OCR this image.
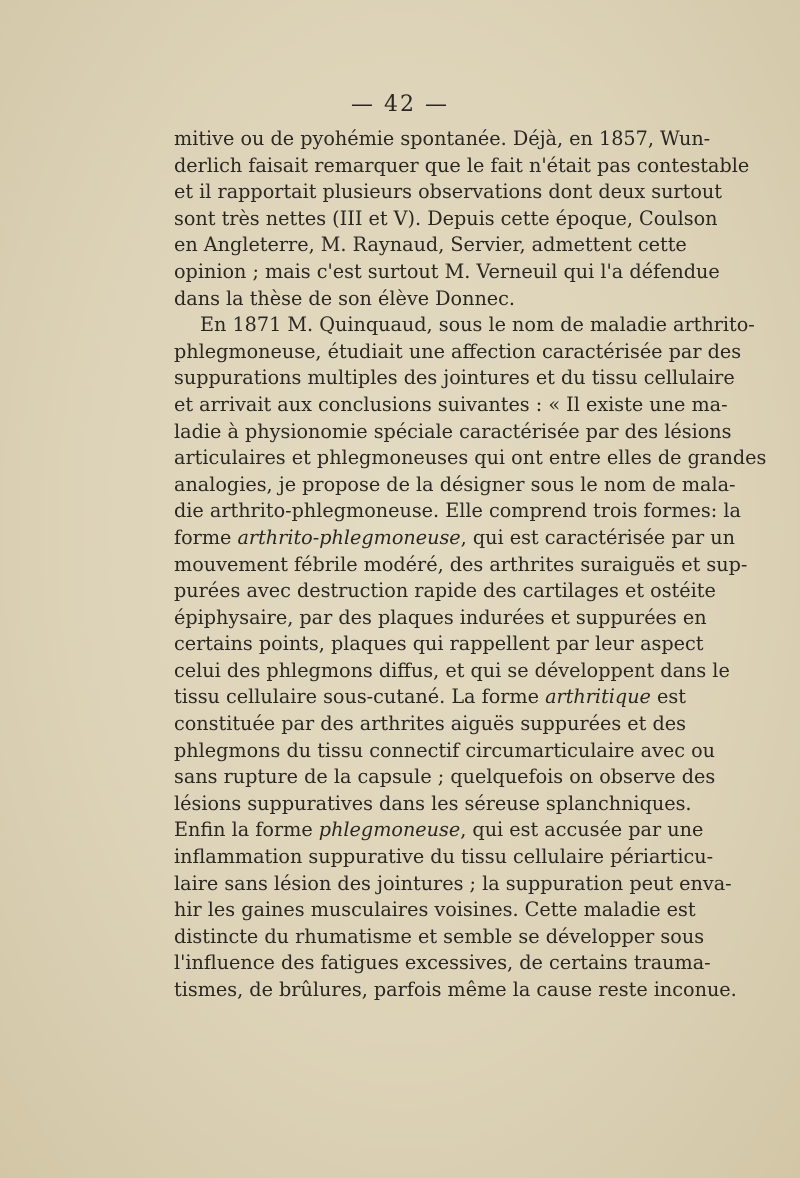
— 42 —
mitive ou de pyohémie spontanée. Déjà, en 1857, Wun-
derlich faisait remarquer que le fait n'était pas contestable
et il rapportait plusieurs observations dont deux surtout
sont très nettes (III et V). Depuis cette époque, Coulson
en Angleterre, M. Raynaud, Servier, admettent cette
opinion ; mais c'est surtout M. Verneuil qui l'a défendue
dans la thèse de son élève Donnec.
En 1871 M. Quinquaud, sous le nom de maladie arthrito-
phlegmoneuse, étudiait une affection caractérisée par des
suppurations multiples des jointures et du tissu cellulaire
et arrivait aux conclusions suivantes : « Il existe une ma-
ladie à physionomie spéciale caractérisée par des lésions
articulaires et phlegmoneuses qui ont entre elles de grandes
analogies, je propose de la désigner sous le nom de mala-
die arthrito-phlegmoneuse. Elle comprend trois formes: la
forme arthrito-phlegmoneuse, qui est caractérisée par un
mouvement fébrile modéré, des arthrites suraiguës et sup-
purées avec destruction rapide des cartilages et ostéite
épiphysaire, par des plaques indurées et suppurées en
certains points, plaques qui rappellent par leur aspect
celui des phlegmons diffus, et qui se développent dans le
tissu cellulaire sous-cutané. La forme arthritique est
constituée par des arthrites aiguës suppurées et des
phlegmons du tissu connectif circumarticulaire avec ou
sans rupture de la capsule ; quelquefois on observe des
lésions suppuratives dans les séreuse splanchniques.
Enfin la forme phlegmoneuse, qui est accusée par une
inflammation suppurative du tissu cellulaire périarticu-
laire sans lésion des jointures ; la suppuration peut enva-
hir les gaines musculaires voisines. Cette maladie est
distincte du rhumatisme et semble se développer sous
l'influence des fatigues excessives, de certains trauma-
tismes, de brûlures, parfois même la cause reste inconue.
